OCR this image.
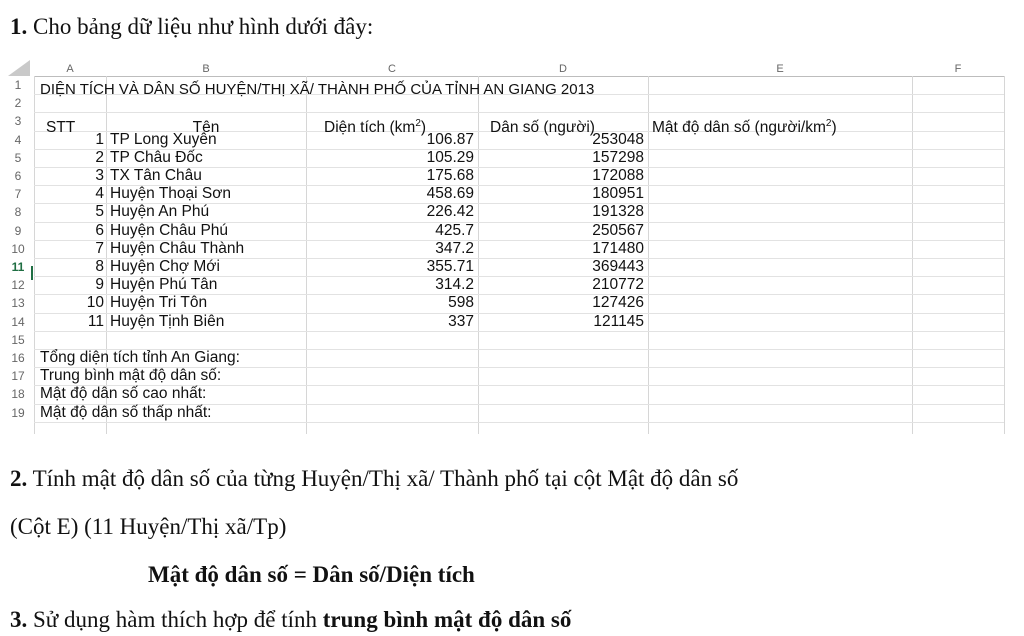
1. Cho bảng dữ liệu như hình dưới đây:
A	B	C	D	E	F
1
2
3
4
5
6
7
8
9
10
11
12
13
14
15
16
17
18
19
DIỆN TÍCH VÀ DÂN SỐ HUYỆN/THỊ XÃ/ THÀNH PHỐ CỦA TỈNH AN GIANG 2013
STT	Tên	Diện tích $(km^2)$	Dân số (người)	Mật độ dân số $(người/km^2)$
1 TP Long Xuyên	106.87	253048
2 TP Châu Đốc	105.29	157298
3 TX Tân Châu	175.68	172088
4 Huyện Thoại Sơn	458.69	180951
5 Huyện An Phú	226.42	191328
6 Huyện Châu Phú	425.7	250567
7 Huyện Châu Thành	347.2	171480
8 Huyện Chợ Mới	355.71	369443
9 Huyện Phú Tân	314.2	210772
10 Huyện Tri Tôn	598	127426
11 Huyện Tịnh Biên	337	121145
Tổng diện tích tỉnh An Giang:
Trung bình mật độ dân số:
Mật độ dân số cao nhất:
Mật độ dân số thấp nhất:
2. Tính mật độ dân số của từng Huyện/Thị xã/ Thành phố tại cột Mật độ dân số
(Cột E) (11 Huyện/Thị xã/Tp)
Mật độ dân số = Dân số/Diện tích
3. Sử dụng hàm thích hợp để tính trung bình mật độ dân số
